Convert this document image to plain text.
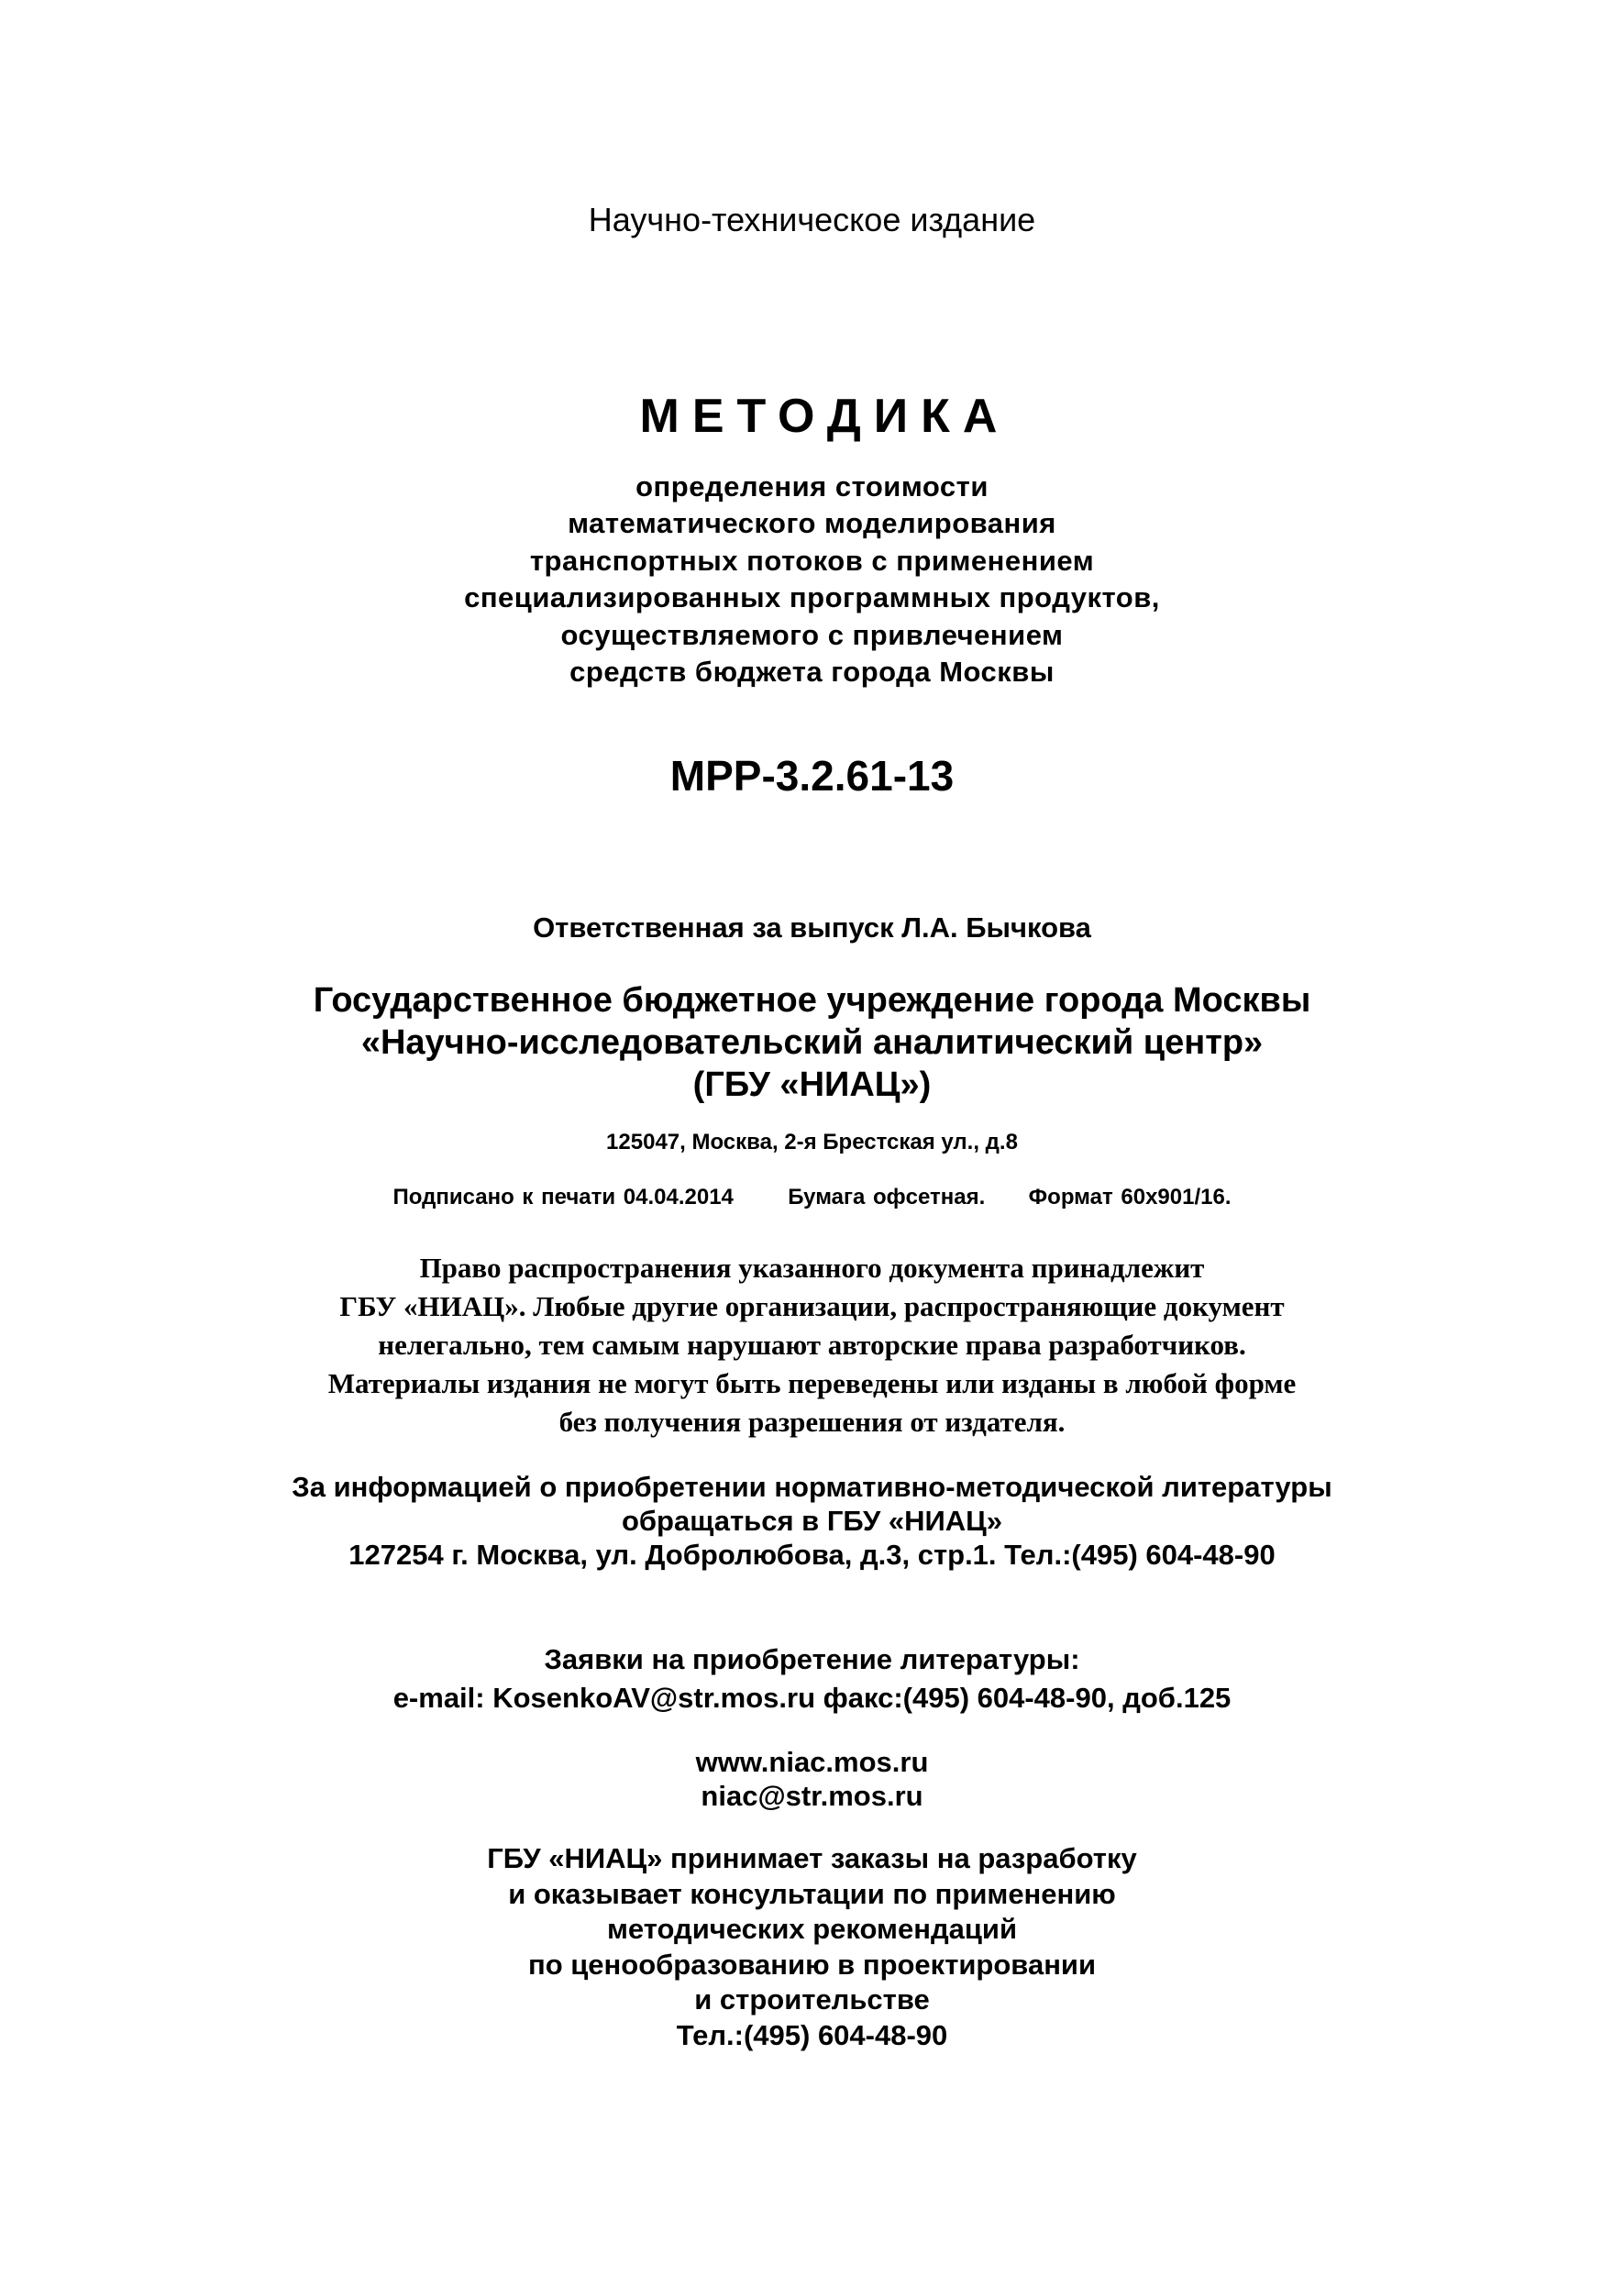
Научно-техническое издание
МЕТОДИКА
определения стоимости
математического моделирования
транспортных потоков с применением
специализированных программных продуктов,
осуществляемого с привлечением
средств бюджета города Москвы
МРР-3.2.61-13
Ответственная за выпуск Л.А. Бычкова
Государственное бюджетное учреждение города Москвы
«Научно-исследовательский аналитический центр»
(ГБУ «НИАЦ»)
125047, Москва, 2-я Брестская ул., д.8
Подписано к печати 04.04.2014 Бумага офсетная. Формат 60х901/16.
Право распространения указанного документа принадлежит
ГБУ «НИАЦ». Любые другие организации, распространяющие документ
нелегально, тем самым нарушают авторские права разработчиков.
Материалы издания не могут быть переведены или изданы в любой форме
без получения разрешения от издателя.
За информацией о приобретении нормативно-методической литературы
обращаться в ГБУ «НИАЦ»
127254 г. Москва, ул. Добролюбова, д.3, стр.1. Тел.:(495) 604-48-90
Заявки на приобретение литературы:
e-mail: KosenkoAV@str.mos.ru факс:(495) 604-48-90, доб.125
www.niac.mos.ru
niac@str.mos.ru
ГБУ «НИАЦ» принимает заказы на разработку
и оказывает консультации по применению
методических рекомендаций
по ценообразованию в проектировании
и строительстве
Тел.:(495) 604-48-90
